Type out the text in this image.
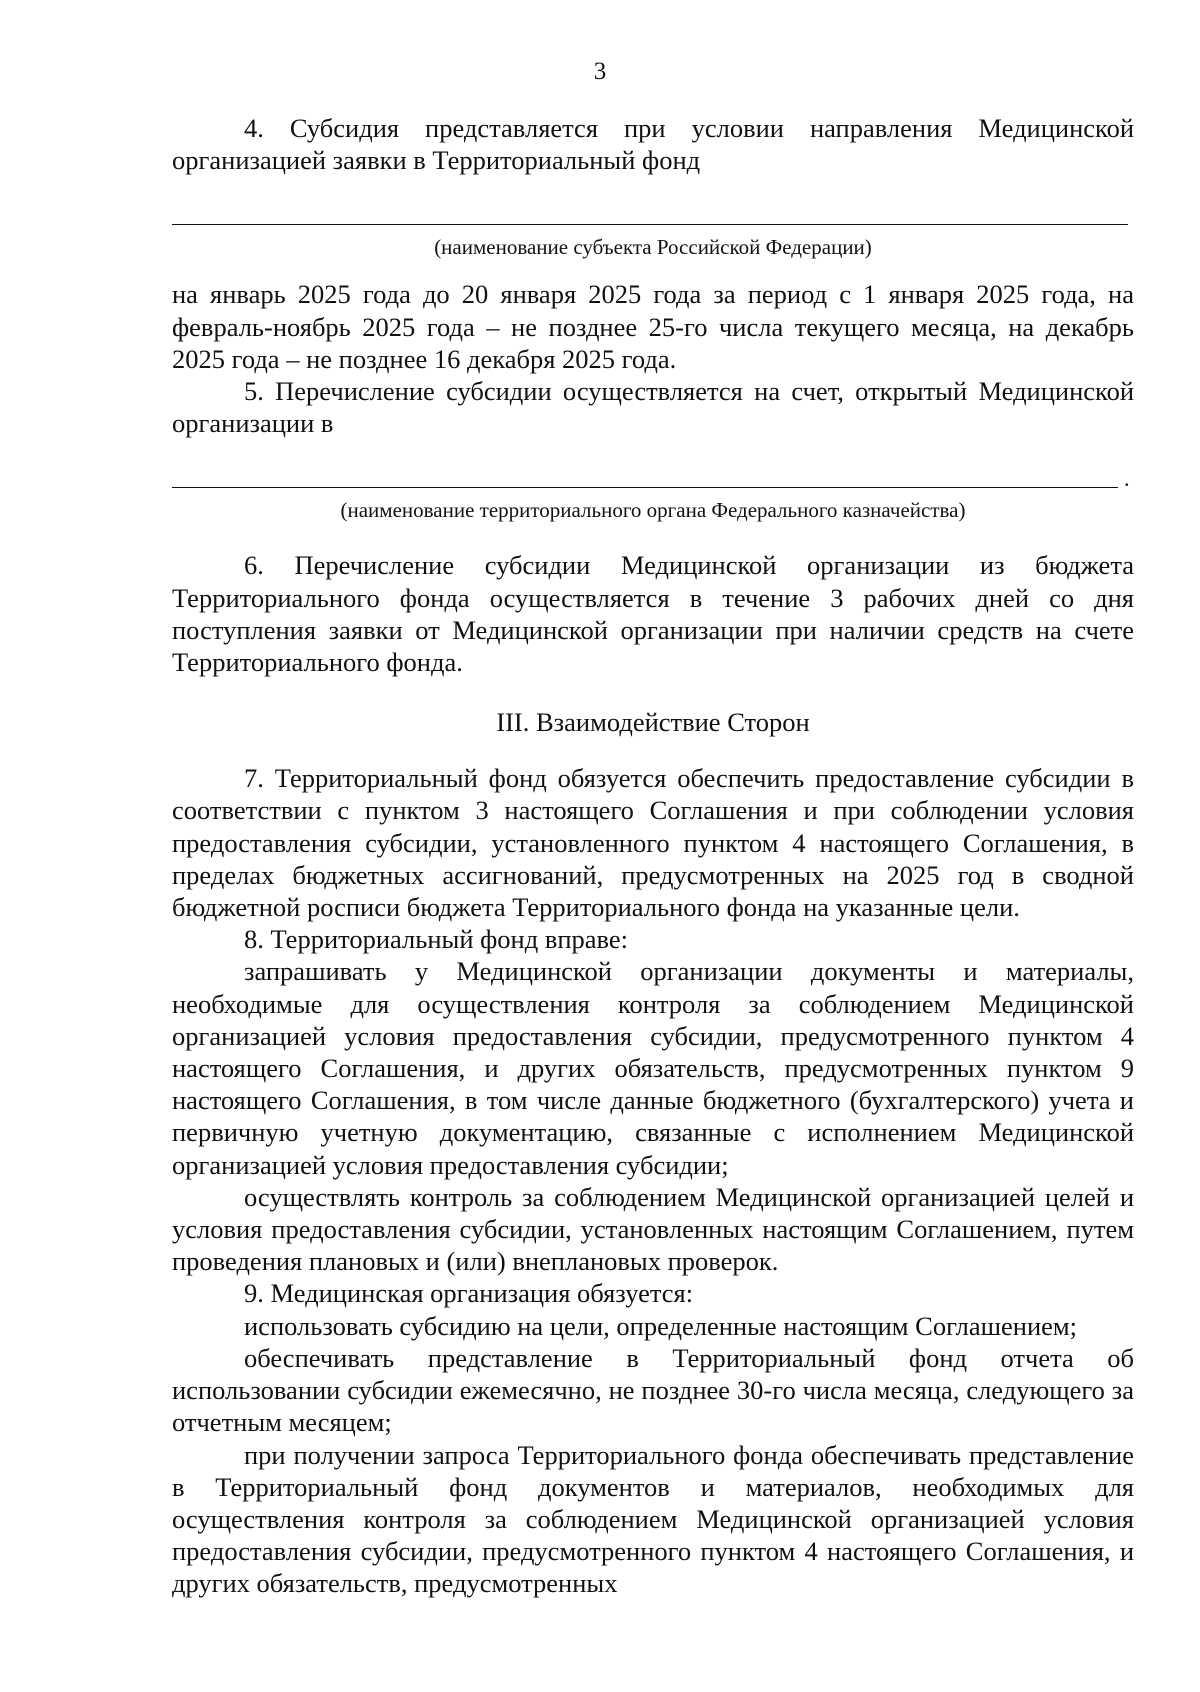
3

4. Субсидия представляется при условии направления Медицинской организацией заявки в Территориальный фонд

(наименование субъекта Российской Федерации)

на январь 2025 года до 20 января 2025 года за период с 1 января 2025 года, на февраль-ноябрь 2025 года – не позднее 25-го числа текущего месяца, на декабрь 2025 года – не позднее 16 декабря 2025 года.

5. Перечисление субсидии осуществляется на счет, открытый Медицинской организации в

.
(наименование территориального органа Федерального казначейства)

6. Перечисление субсидии Медицинской организации из бюджета Территориального фонда осуществляется в течение 3 рабочих дней со дня поступления заявки от Медицинской организации при наличии средств на счете Территориального фонда.

III. Взаимодействие Сторон

7. Территориальный фонд обязуется обеспечить предоставление субсидии в соответствии с пунктом 3 настоящего Соглашения и при соблюдении условия предоставления субсидии, установленного пунктом 4 настоящего Соглашения, в пределах бюджетных ассигнований, предусмотренных на 2025 год в сводной бюджетной росписи бюджета Территориального фонда на указанные цели.

8. Территориальный фонд вправе:

запрашивать у Медицинской организации документы и материалы, необходимые для осуществления контроля за соблюдением Медицинской организацией условия предоставления субсидии, предусмотренного пунктом 4 настоящего Соглашения, и других обязательств, предусмотренных пунктом 9 настоящего Соглашения, в том числе данные бюджетного (бухгалтерского) учета и первичную учетную документацию, связанные с исполнением Медицинской организацией условия предоставления субсидии;

осуществлять контроль за соблюдением Медицинской организацией целей и условия предоставления субсидии, установленных настоящим Соглашением, путем проведения плановых и (или) внеплановых проверок.

9. Медицинская организация обязуется:

использовать субсидию на цели, определенные настоящим Соглашением;

обеспечивать представление в Территориальный фонд отчета об использовании субсидии ежемесячно, не позднее 30-го числа месяца, следующего за отчетным месяцем;

при получении запроса Территориального фонда обеспечивать представление в Территориальный фонд документов и материалов, необходимых для осуществления контроля за соблюдением Медицинской организацией условия предоставления субсидии, предусмотренного пунктом 4 настоящего Соглашения, и других обязательств, предусмотренных
